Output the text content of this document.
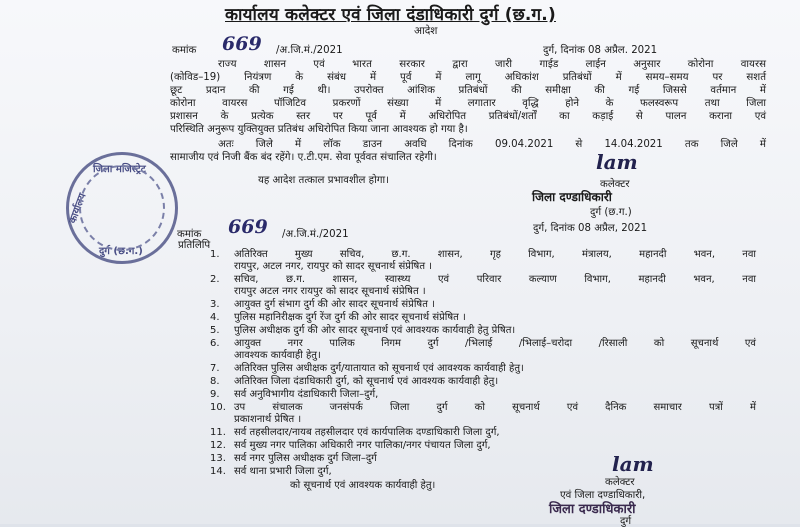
कार्यालय कलेक्टर एवं जिला दंडाधिकारी दुर्ग (छ.ग.)
आदेश
कमांक 669 /अ.जि.मं./2021	दुर्ग, दिनांक 08 अप्रैल. 2021
राज्य शासन एवं भारत सरकार द्वारा जारी गाईड लाईन अनुसार कोरोना वायरस
(कोविड–19) नियंत्रण के संबंध में पूर्व में लागू अधिकांश प्रतिबंधों में समय–समय पर सशर्त
छूट प्रदान की गई थी। उपरोक्त आंशिक प्रतिबंधों की समीक्षा की गई जिससे वर्तमान में
कोरोना वायरस पॉजिटिव प्रकरणों संख्या में लगातार वृद्धि होने के फलस्वरूप तथा जिला
प्रशासन के प्रत्येक स्तर पर पूर्व में अधिरोपित प्रतिबंधों/शर्तों का कड़ाई से पालन कराना एवं
परिस्थिति अनुरूप युक्तियुक्त प्रतिबंध अधिरोपित किया जाना आवश्यक हो गया है।
अतः जिले में लॉक डाउन अवधि दिनांक 09.04.2021 से 14.04.2021 तक जिले में
सामाजीय एवं निजी बैंक बंद रहेंगे। ए.टी.एम. सेवा पूर्ववत संचालित रहेगी।
यह आदेश तत्काल प्रभावशील होगा।
जिला मजिस्ट्रेट
कार्यालय
दुर्ग (छ.ग.)
lam
कलेक्टर
जिला दण्डाधिकारी
दुर्ग (छ.ग.)
कमांक 669 /अ.जि.मं./2021
दुर्ग, दिनांक 08 अप्रैल, 2021
प्रतिलिपि
1.	अतिरिक्त मुख्य सचिव, छ.ग. शासन, गृह विभाग, मंत्रालय, महानदी भवन, नवा
रायपुर, अटल नगर, रायपुर को सादर सूचनार्थ संप्रेषित ।
2.	सचिव, छ.ग. शासन, स्वास्थ्य एवं परिवार कल्याण विभाग, महानदी भवन, नवा
रायपुर अटल नगर रायपुर को सादर सूचनार्थ संप्रेषित ।
3.	आयुक्त दुर्ग संभाग दुर्ग की ओर सादर सूचनार्थ संप्रेषित ।
4.	पुलिस महानिरीक्षक दुर्ग रेंज दुर्ग की ओर सादर सूचनार्थ संप्रेषित ।
5.	पुलिस अधीक्षक दुर्ग की ओर सादर सूचनार्थ एवं आवश्यक कार्यवाही हेतु प्रेषित।
6.	आयुक्त नगर पालिक निगम दुर्ग /भिलाई /भिलाई–चरोदा /रिसाली को सूचनार्थ एवं
आवश्यक कार्यवाही हेतु।
7.	अतिरिक्त पुलिस अधीक्षक दुर्ग/यातायात को सूचनार्थ एवं आवश्यक कार्यवाही हेतु।
8.	अतिरिक्त जिला दंडाधिकारी दुर्ग, को सूचनार्थ एवं आवश्यक कार्यवाही हेतु।
9.	सर्व अनुविभागीय दंडाधिकारी जिला–दुर्ग,
10. उप संचालक जनसंपर्क जिला दुर्ग को सूचनार्थ एवं दैनिक समाचार पत्रों में
प्रकाशनार्थ प्रेषित ।
11. सर्व तहसीलदार/नायब तहसीलदार एवं कार्यपालिक दण्डाधिकारी जिला दुर्ग,
12. सर्व मुख्य नगर पालिका अधिकारी नगर पालिका/नगर पंचायत जिला दुर्ग,
13. सर्व नगर पुलिस अधीक्षक दुर्ग जिला–दुर्ग
14. सर्व थाना प्रभारी जिला दुर्ग,
को सूचनार्थ एवं आवश्यक कार्यवाही हेतु।
lam
कलेक्टर
एवं जिला दण्डाधिकारी,
जिला दण्डाधिकारी
दुर्ग
